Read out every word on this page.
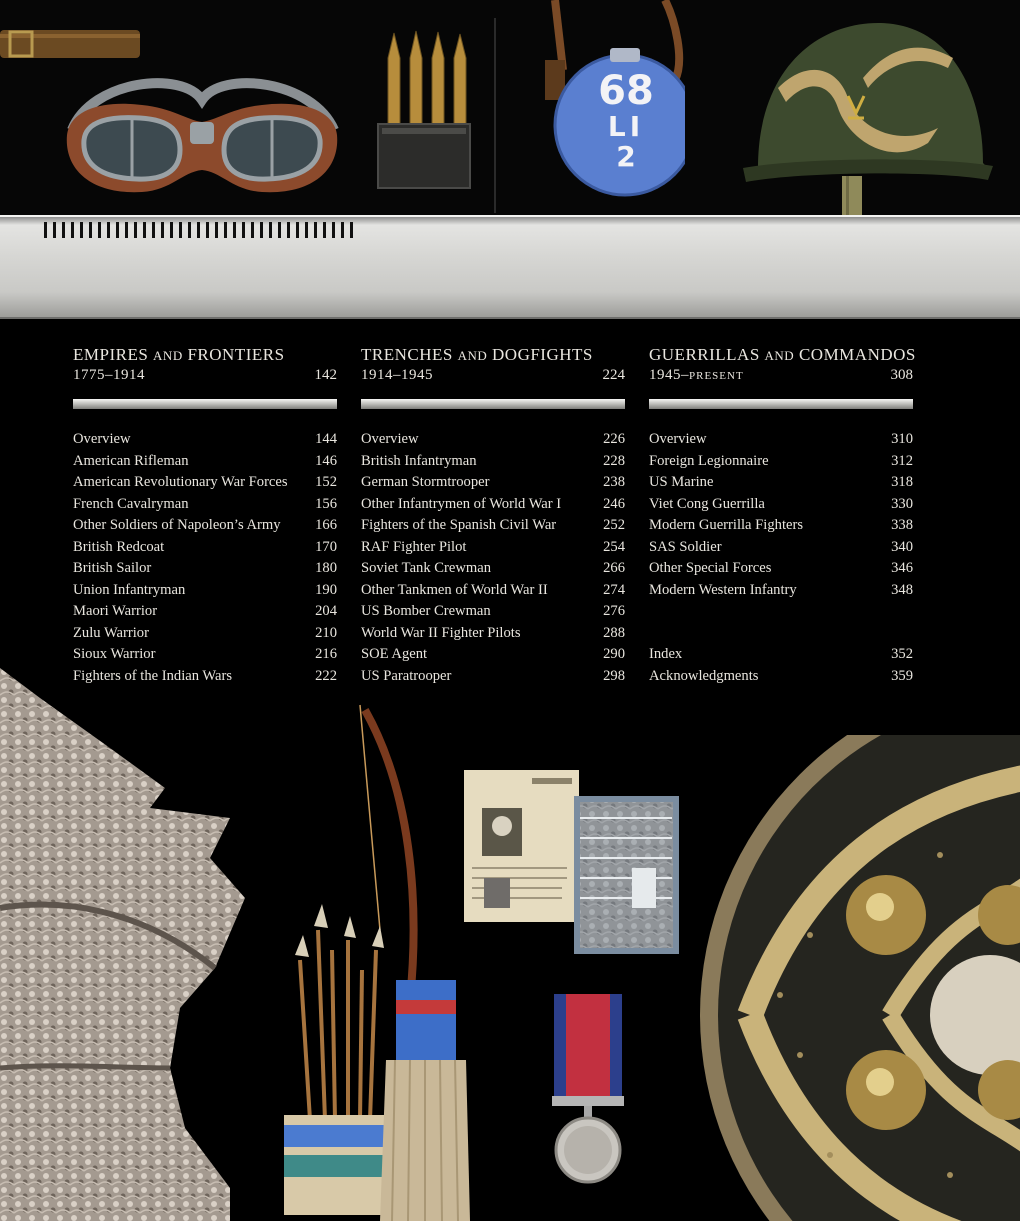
68
LI
2
EMPIRES AND FRONTIERS
1775–1914	142
Overview	144
American Rifleman	146
American Revolutionary War Forces 152
French Cavalryman	156
Other Soldiers of Napoleon’s Army 166
British Redcoat	170
British Sailor	180
Union Infantryman	190
Maori Warrior	204
Zulu Warrior	210
Sioux Warrior	216
Fighters of the Indian Wars	222
TRENCHES AND DOGFIGHTS
1914–1945	224
Overview	226
British Infantryman	228
German Stormtrooper	238
Other Infantrymen of World War I	246
Fighters of the Spanish Civil War	252
RAF Fighter Pilot	254
Soviet Tank Crewman	266
Other Tankmen of World War II	274
US Bomber Crewman	276
World War II Fighter Pilots	288
SOE Agent	290
US Paratrooper	298
GUERRILLAS AND COMMANDOS
1945–PRESENT	308
Overview	310
Foreign Legionnaire	312
US Marine	318
Viet Cong Guerrilla	330
Modern Guerrilla Fighters	338
SAS Soldier	340
Other Special Forces	346
Modern Western Infantry	348
Index	352
Acknowledgments	359
